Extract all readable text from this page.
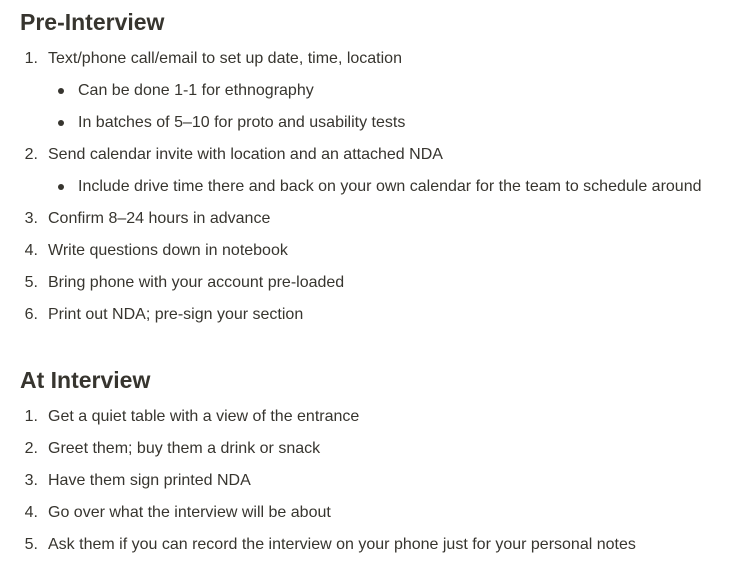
Pre-Interview
1. Text/phone call/email to set up date, time, location
Can be done 1-1 for ethnography
In batches of 5–10 for proto and usability tests
2. Send calendar invite with location and an attached NDA
Include drive time there and back on your own calendar for the team to schedule around
3. Confirm 8–24 hours in advance
4. Write questions down in notebook
5. Bring phone with your account pre-loaded
6. Print out NDA; pre-sign your section
At Interview
1. Get a quiet table with a view of the entrance
2. Greet them; buy them a drink or snack
3. Have them sign printed NDA
4. Go over what the interview will be about
5. Ask them if you can record the interview on your phone just for your personal notes
